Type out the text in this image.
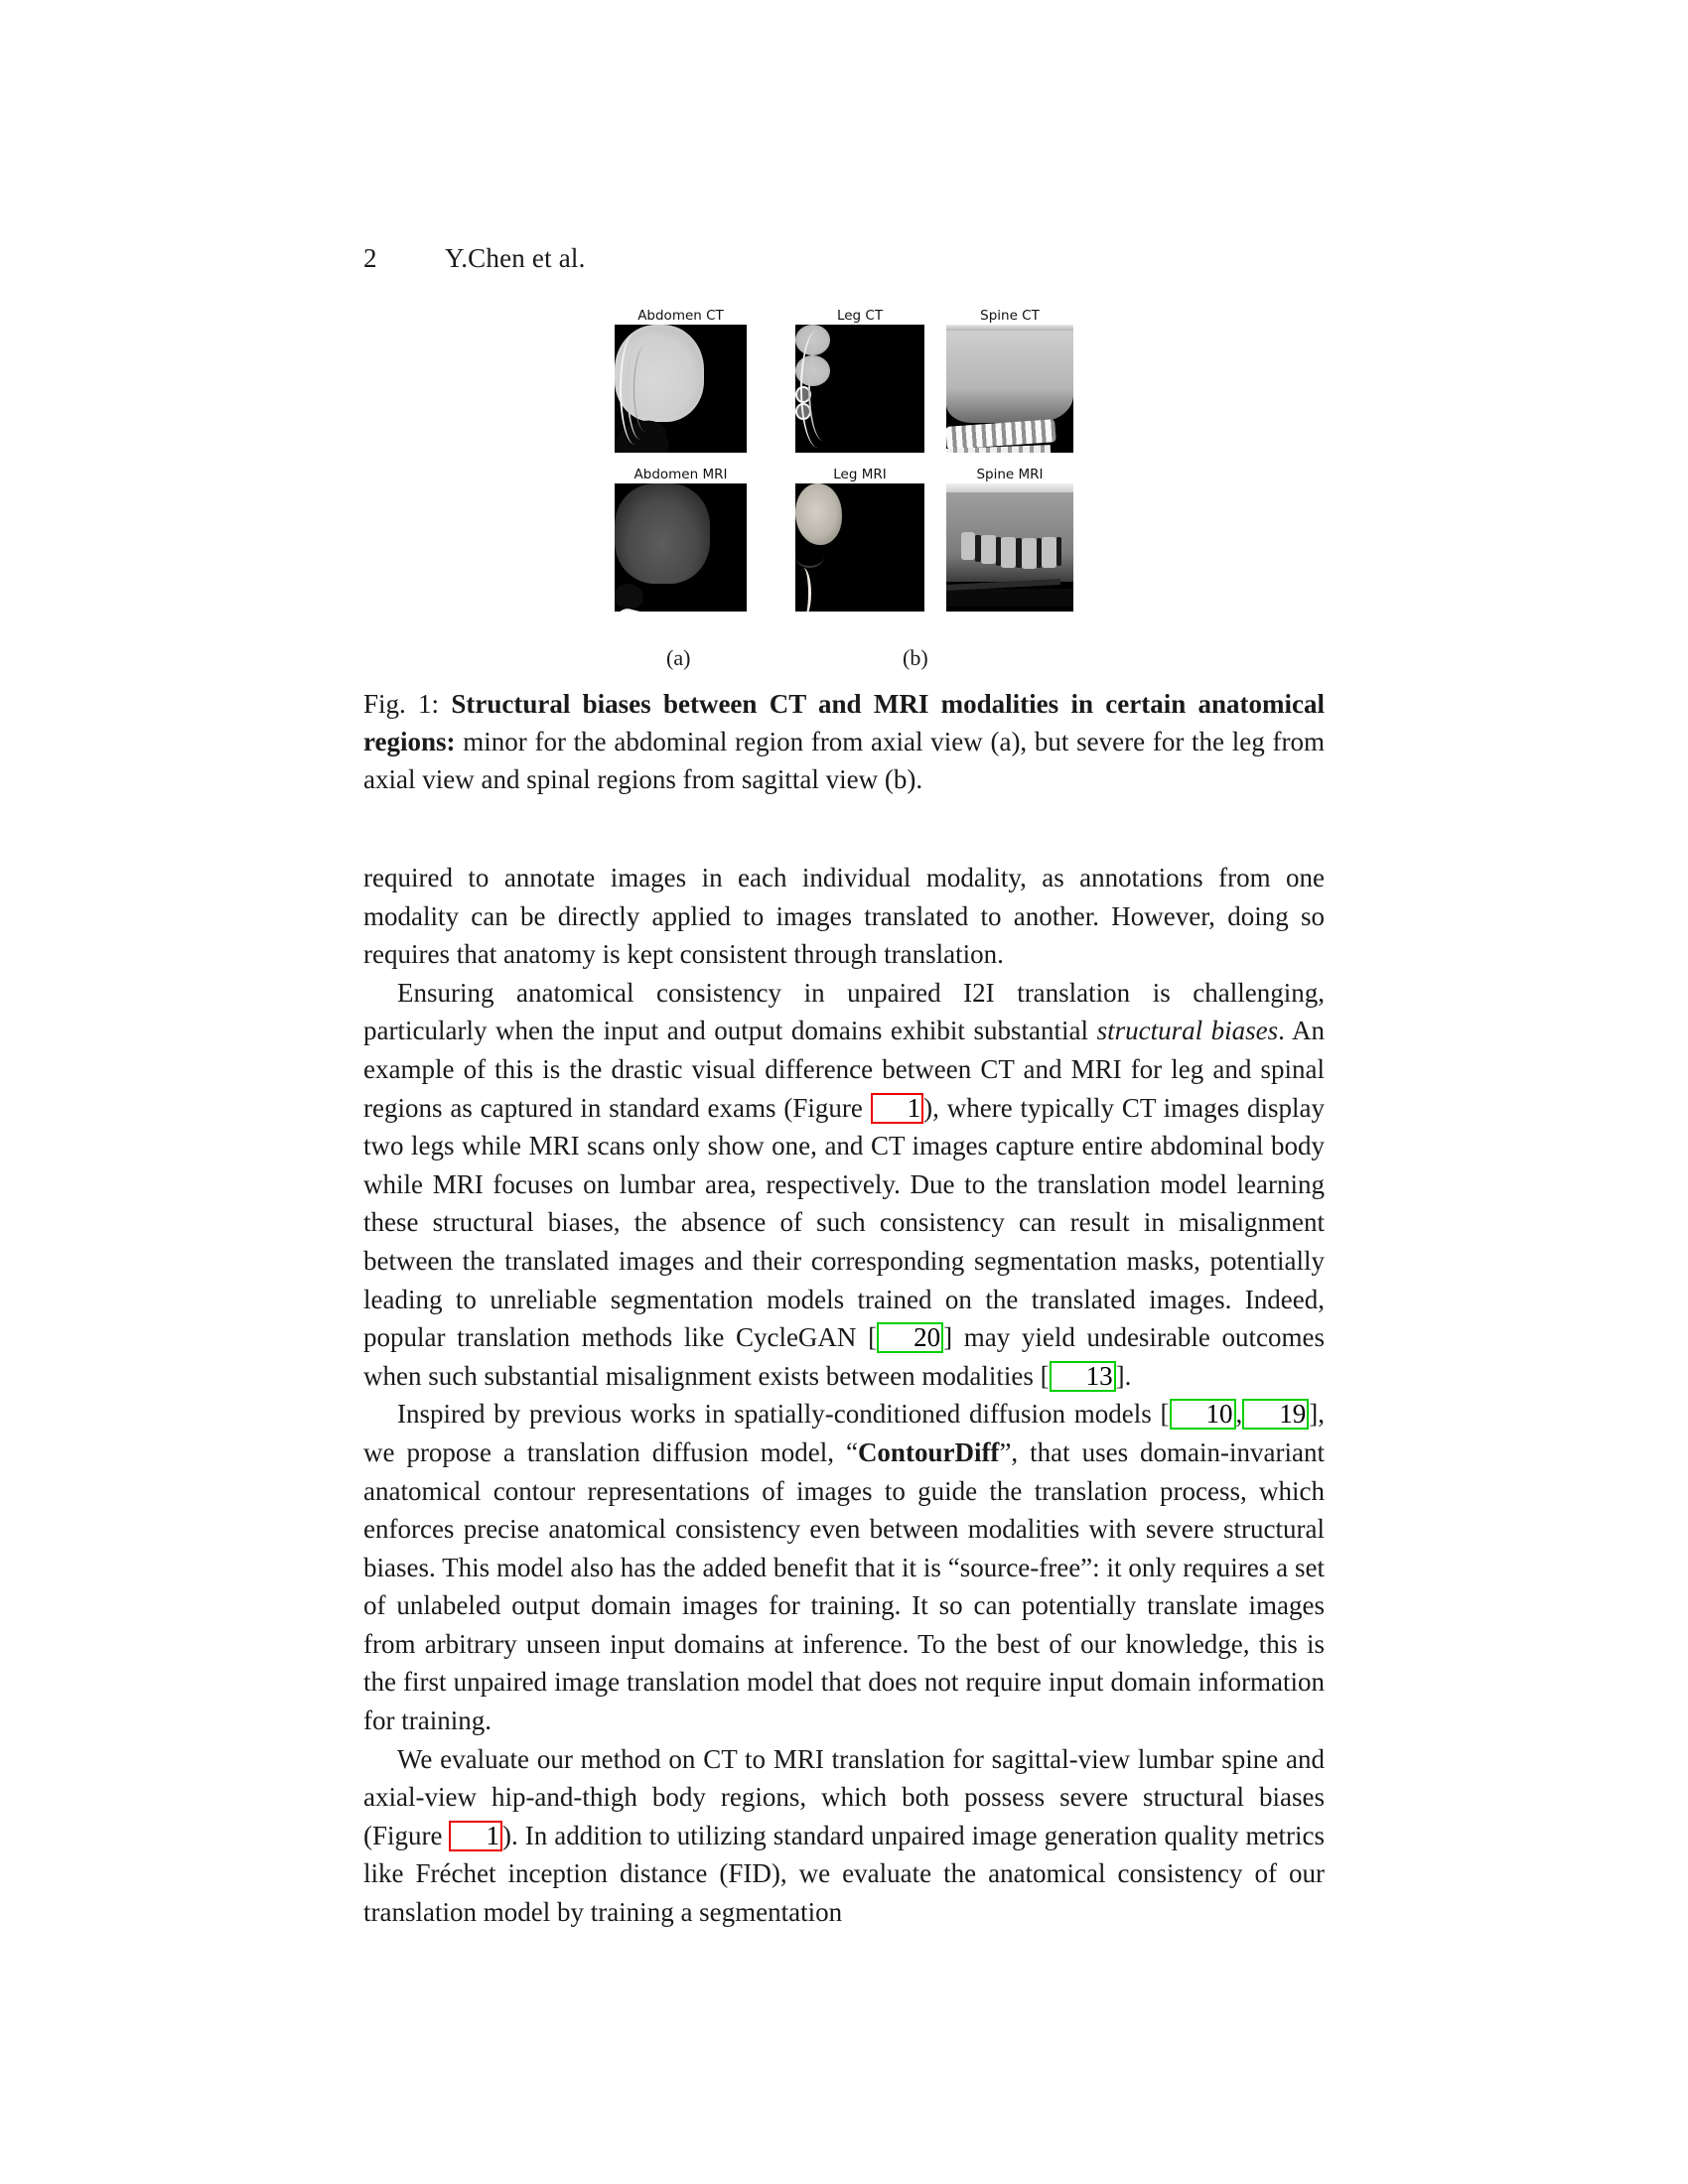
2	Y.Chen et al.
Abdomen CT	Leg CT	Spine CT
Abdomen MRI	Leg MRI	Spine MRI
(a)	(b)
Fig. 1: Structural biases between CT and MRI modalities in certain anatomical regions: minor for the abdominal region from axial view (a), but severe for the leg from axial view and spinal regions from sagittal view (b).

required to annotate images in each individual modality, as annotations from one modality can be directly applied to images translated to another. However, doing so requires that anatomy is kept consistent through translation.

Ensuring anatomical consistency in unpaired I2I translation is challenging, particularly when the input and output domains exhibit substantial structural biases. An example of this is the drastic visual difference between CT and MRI for leg and spinal regions as captured in standard exams (Figure 1 ), where typically CT images display two legs while MRI scans only show one, and CT images capture entire abdominal body while MRI focuses on lumbar area, respectively. Due to the translation model learning these structural biases, the absence of such consistency can result in misalignment between the translated images and their corresponding segmentation masks, potentially leading to unreliable segmentation models trained on the translated images. Indeed, popular translation methods like CycleGAN [ 20 ] may yield undesirable outcomes when such substantial misalignment exists between modalities [ 13 ].

Inspired by previous works in spatially-conditioned diffusion models [ 10 , 19 ], we propose a translation diffusion model, “ContourDiff”, that uses domain-invariant anatomical contour representations of images to guide the translation process, which enforces precise anatomical consistency even between modalities with severe structural biases. This model also has the added benefit that it is “source-free”: it only requires a set of unlabeled output domain images for training. It so can potentially translate images from arbitrary unseen input domains at inference. To the best of our knowledge, this is the first unpaired image translation model that does not require input domain information for training.

We evaluate our method on CT to MRI translation for sagittal-view lumbar spine and axial-view hip-and-thigh body regions, which both possess severe structural biases (Figure 1 ). In addition to utilizing standard unpaired image generation quality metrics like Fréchet inception distance (FID), we evaluate the anatomical consistency of our translation model by training a segmentation
